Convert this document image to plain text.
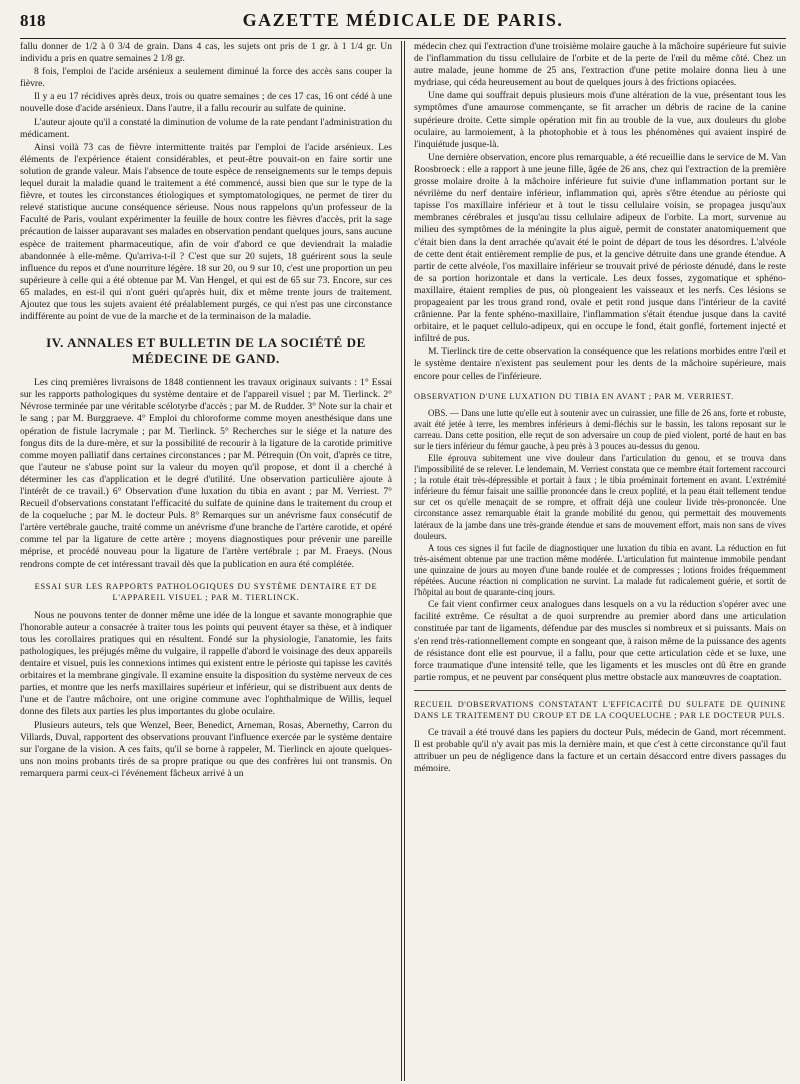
818	GAZETTE MÉDICALE DE PARIS.

fallu donner de 1/2 à 0 3/4 de grain. Dans 4 cas, les sujets ont pris de 1 gr. à 1 1/4 gr. Un individu a pris en quatre semaines 2 1/8 gr.

8 fois, l'emploi de l'acide arsénieux a seulement diminué la force des accès sans couper la fièvre.

Il y a eu 17 récidives après deux, trois ou quatre semaines ; de ces 17 cas, 16 ont cédé à une nouvelle dose d'acide arsénieux. Dans l'autre, il a fallu recourir au sulfate de quinine.

L'auteur ajoute qu'il a constaté la diminution de volume de la rate pendant l'administration du médicament.

Ainsi voilà 73 cas de fièvre intermittente traités par l'emploi de l'acide arsénieux. Les éléments de l'expérience étaient considérables, et peut-être pouvait-on en faire sortir une solution de grande valeur. Mais l'absence de toute espèce de renseignements sur le temps depuis lequel durait la maladie quand le traitement a été commencé, aussi bien que sur le type de la fièvre, et toutes les circonstances étiologiques et symptomatologiques, ne permet de tirer du relevé statistique aucune conséquence sérieuse. Nous nous rappelons qu'un professeur de la Faculté de Paris, voulant expérimenter la feuille de houx contre les fièvres d'accès, prit la sage précaution de laisser auparavant ses malades en observation pendant quelques jours, sans aucune espèce de traitement pharmaceutique, afin de voir d'abord ce que deviendrait la maladie abandonnée à elle-même. Qu'arriva-t-il ? C'est que sur 20 sujets, 18 guérirent sous la seule influence du repos et d'une nourriture légère. 18 sur 20, ou 9 sur 10, c'est une proportion un peu supérieure à celle qui a été obtenue par M. Van Hengel, et qui est de 65 sur 73. Encore, sur ces 65 malades, en est-il qui n'ont guéri qu'après huit, dix et même trente jours de traitement. Ajoutez que tous les sujets avaient été préalablement purgés, ce qui n'est pas une circonstance indifférente au point de vue de la marche et de la terminaison de la maladie.

IV. ANNALES ET BULLETIN DE LA SOCIÉTÉ DE MÉDECINE DE GAND.

Les cinq premières livraisons de 1848 contiennent les travaux originaux suivants : 1° Essai sur les rapports pathologiques du système dentaire et de l'appareil visuel ; par M. Tierlinck. 2° Névrose terminée par une véritable scélotyrbe d'accès ; par M. de Rudder. 3° Note sur la chair et le sang ; par M. Burggraeve. 4° Emploi du chloroforme comme moyen anesthésique dans une opération de fistule lacrymale ; par M. Tierlinck. 5° Recherches sur le siége et la nature des fongus dits de la dure-mère, et sur la possibilité de recourir à la ligature de la carotide primitive comme moyen palliatif dans certaines circonstances ; par M. Pétrequin (On voit, d'après ce titre, que l'auteur ne s'abuse point sur la valeur du moyen qu'il propose, et dont il a cherché à déterminer les cas d'application et le degré d'utilité. Une observation particulière ajoute à l'intérêt de ce travail.) 6° Observation d'une luxation du tibia en avant ; par M. Verriest. 7° Recueil d'observations constatant l'efficacité du sulfate de quinine dans le traitement du croup et de la coqueluche ; par M. le docteur Puls. 8° Remarques sur un anévrisme faux consécutif de l'artère vertébrale gauche, traité comme un anévrisme d'une branche de l'artère carotide, et opéré comme tel par la ligature de cette artère ; moyens diagnostiques pour prévenir une pareille méprise, et procédé nouveau pour la ligature de l'artère vertébrale ; par M. Fraeys. (Nous rendrons compte de cet intéressant travail dès que la publication en aura été complétée.

ESSAI SUR LES RAPPORTS PATHOLOGIQUES DU SYSTÈME DENTAIRE ET DE L'APPAREIL VISUEL ; PAR M. TIERLINCK.

Nous ne pouvons tenter de donner même une idée de la longue et savante monographie que l'honorable auteur a consacrée à traiter tous les points qui peuvent étayer sa thèse, et à indiquer tous les corollaires pratiques qui en résultent. Fondé sur la physiologie, l'anatomie, les faits pathologiques, les préjugés même du vulgaire, il rappelle d'abord le voisinage des deux appareils dentaire et visuel, puis les connexions intimes qui existent entre le périoste qui tapisse les cavités orbitaires et la membrane gingivale. Il examine ensuite la disposition du système nerveux de ces parties, et montre que les nerfs maxillaires supérieur et inférieur, qui se distribuent aux dents de l'une et de l'autre mâchoire, ont une origine commune avec l'ophthalmique de Willis, lequel donne des filets aux parties les plus importantes du globe oculaire.

Plusieurs auteurs, tels que Wenzel, Beer, Benedict, Arneman, Rosas, Abernethy, Carron du Villards, Duval, rapportent des observations prouvant l'influence exercée par le système dentaire sur l'organe de la vision. A ces faits, qu'il se borne à rappeler, M. Tierlinck en ajoute quelques-uns non moins probants tirés de sa propre pratique ou que des confrères lui ont transmis. On remarquera parmi ceux-ci l'événement fâcheux arrivé à un

médecin chez qui l'extraction d'une troisième molaire gauche à la mâchoire supérieure fut suivie de l'inflammation du tissu cellulaire de l'orbite et de la perte de l'œil du même côté. Chez un autre malade, jeune homme de 25 ans, l'extraction d'une petite molaire donna lieu à une mydriase, qui céda heureusement au bout de quelques jours à des frictions opiacées.

Une dame qui souffrait depuis plusieurs mois d'une altération de la vue, présentant tous les symptômes d'une amaurose commençante, se fit arracher un débris de racine de la canine supérieure droite. Cette simple opération mit fin au trouble de la vue, aux douleurs du globe oculaire, au larmoiement, à la photophobie et à tous les phénomènes qui avaient inspiré de l'inquiétude jusque-là.

Une dernière observation, encore plus remarquable, a été recueillie dans le service de M. Van Roosbroeck : elle a rapport à une jeune fille, âgée de 26 ans, chez qui l'extraction de la première grosse molaire droite à la mâchoire inférieure fut suivie d'une inflammation portant sur le névrilème du nerf dentaire inférieur, inflammation qui, après s'être étendue au périoste qui tapisse l'os maxillaire inférieur et à tout le tissu cellulaire voisin, se propagea jusqu'aux membranes cérébrales et jusqu'au tissu cellulaire adipeux de l'orbite. La mort, survenue au milieu des symptômes de la méningite la plus aiguë, permit de constater anatomiquement que c'était bien dans la dent arrachée qu'avait été le point de départ de tous les désordres. L'alvéole de cette dent était entièrement remplie de pus, et la gencive détruite dans une grande étendue. A partir de cette alvéole, l'os maxillaire inférieur se trouvait privé de périoste dénudé, dans le reste de sa portion horizontale et dans la verticale. Les deux fosses, zygomatique et sphéno-maxillaire, étaient remplies de pus, où plongeaient les vaisseaux et les nerfs. Ces lésions se propageaient par les trous grand rond, ovale et petit rond jusque dans l'intérieur de la cavité crânienne. Par la fente sphéno-maxillaire, l'inflammation s'était étendue jusque dans la cavité orbitaire, et le paquet cellulo-adipeux, qui en occupe le fond, était gonflé, fortement injecté et infiltré de pus.

M. Tierlinck tire de cette observation la conséquence que les relations morbides entre l'œil et le système dentaire n'existent pas seulement pour les dents de la mâchoire supérieure, mais encore pour celles de l'inférieure.

OBSERVATION D'UNE LUXATION DU TIBIA EN AVANT ; PAR M. VERRIEST.

OBS. — Dans une lutte qu'elle eut à soutenir avec un cuirassier, une fille de 26 ans, forte et robuste, avait été jetée à terre, les membres inférieurs à demi-fléchis sur le bassin, les talons reposant sur le carreau. Dans cette position, elle reçut de son adversaire un coup de pied violent, porté de haut en bas sur le tiers inférieur du fémur gauche, à peu près à 3 pouces au-dessus du genou.

Elle éprouva subitement une vive douleur dans l'articulation du genou, et se trouva dans l'impossibilité de se relever. Le lendemain, M. Verriest constata que ce membre était fortement raccourci ; la rotule était très-dépressible et portait à faux ; le tibia proéminait fortement en avant. L'extrémité inférieure du fémur faisait une saillie prononcée dans le creux poplité, et la peau était tellement tendue sur cet os qu'elle menaçait de se rompre, et offrait déjà une couleur livide très-prononcée. Une circonstance assez remarquable était la grande mobilité du genou, qui permettait des mouvements latéraux de la jambe dans une très-grande étendue et sans de mouvement effort, mais non sans de vives douleurs.

A tous ces signes il fut facile de diagnostiquer une luxation du tibia en avant. La réduction en fut très-aisément obtenue par une traction même modérée. L'articulation fut maintenue immobile pendant une quinzaine de jours au moyen d'une bande roulée et de compresses ; lotions froides fréquemment répétées. Aucune réaction ni complication ne survint. La malade fut radicalement guérie, et sortit de l'hôpital au bout de quarante-cinq jours.

Ce fait vient confirmer ceux analogues dans lesquels on a vu la réduction s'opérer avec une facilité extrême. Ce résultat a de quoi surprendre au premier abord dans une articulation constituée par tant de ligaments, défendue par des muscles si nombreux et si puissants. Mais on s'en rend très-rationnellement compte en songeant que, à raison même de la puissance des agents de résistance dont elle est pourvue, il a fallu, pour que cette articulation cède et se luxe, une force traumatique d'une intensité telle, que les ligaments et les muscles ont dû être en grande partie rompus, et ne peuvent par conséquent plus mettre obstacle aux manœuvres de coaptation.

RECUEIL D'OBSERVATIONS CONSTATANT L'EFFICACITÉ DU SULFATE DE QUININE DANS LE TRAITEMENT DU CROUP ET DE LA COQUELUCHE ; PAR LE DOCTEUR PULS.

Ce travail a été trouvé dans les papiers du docteur Puls, médecin de Gand, mort récemment. Il est probable qu'il n'y avait pas mis la dernière main, et que c'est à cette circonstance qu'il faut attribuer un peu de négligence dans la facture et un certain désaccord entre divers passages du mémoire.
